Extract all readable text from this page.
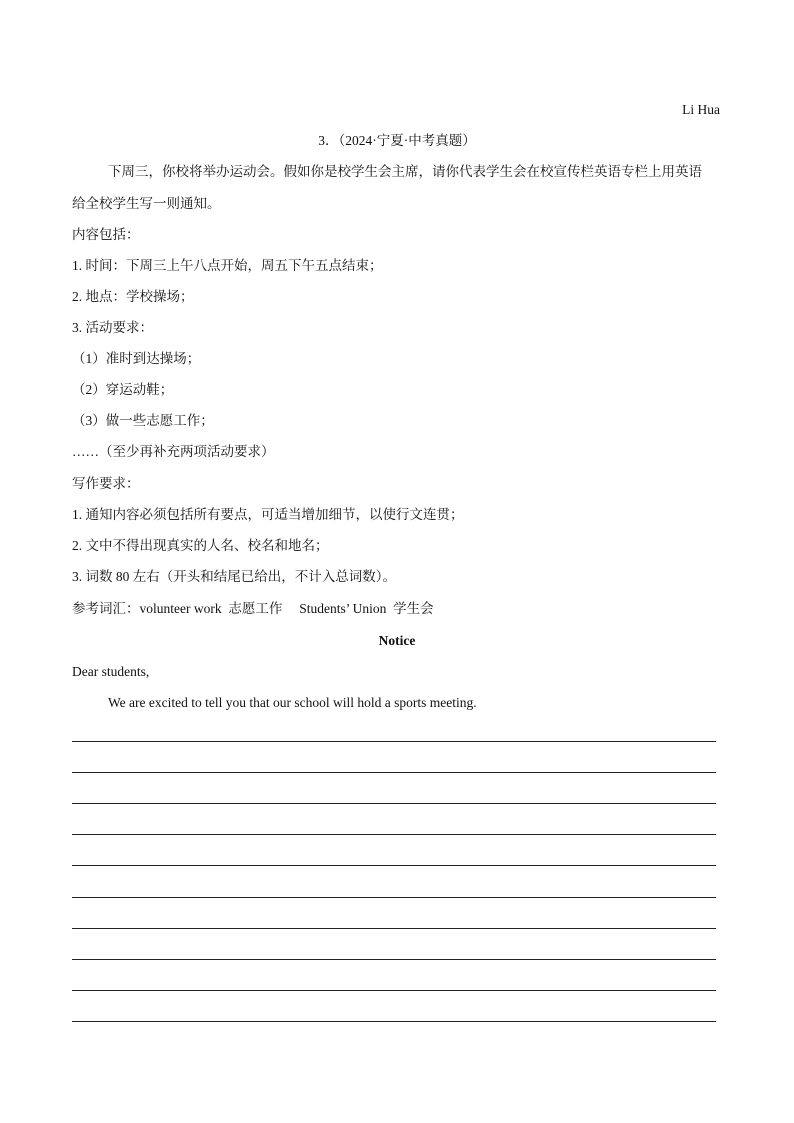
Li Hua
3．（2024·宁夏·中考真题）
下周三，你校将举办运动会。假如你是校学生会主席，请你代表学生会在校宣传栏英语专栏上用英语
给全校学生写一则通知。
内容包括：
1. 时间：下周三上午八点开始，周五下午五点结束；
2. 地点：学校操场；
3. 活动要求：
（1）准时到达操场；
（2）穿运动鞋；
（3）做一些志愿工作；
……（至少再补充两项活动要求）
写作要求：
1. 通知内容必须包括所有要点，可适当增加细节，以使行文连贯；
2. 文中不得出现真实的人名、校名和地名；
3. 词数 80 左右（开头和结尾已给出，不计入总词数）。
参考词汇：volunteer work  志愿工作     Students’ Union  学生会
Notice
Dear students,
We are excited to tell you that our school will hold a sports meeting.
